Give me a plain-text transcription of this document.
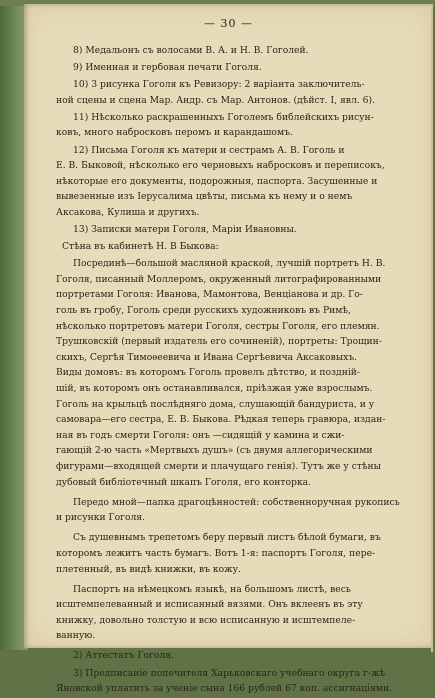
— 30 —

8) Медальонъ съ волосами В. А. и Н. В. Гоголей.

9) Именная и гербовая печати Гоголя.

10) 3 рисунка Гоголя къ Ревизору: 2 варіанта заключитель-
ной сцены и сцена Мар. Андр. съ Мар. Антонов. (дѣйст. I, явл. 6).

11) Нѣсколько раскрашенныхъ Гоголемъ библейскихъ рисун-
ковъ, много набросковъ перомъ и карандашомъ.

12) Письма Гоголя къ матери и сестрамъ А. В. Гоголь и
Е. В. Быковой, нѣсколько его черновыхъ набросковъ и переписокъ,
нѣкоторые его документы, подорожныя, паспорта. Засушенные и
вывезенные изъ Іерусалима цвѣты, письма къ нему и о немъ
Аксакова, Кулиша и другихъ.

13) Записки матери Гоголя, Маріи Ивановны.

Стѣна въ кабинетѣ Н. В Быкова:

Посрединѣ—большой масляной краской, лучшій портретъ Н. В.
Гоголя, писанный Моллеромъ, окруженный литографированными
портретами Гоголя: Иванова, Мамонтова, Венціанова и др. Го-
голь въ гробу, Гоголь среди русскихъ художниковъ въ Римѣ,
нѣсколько портретовъ матери Гоголя, сестры Гоголя, его племян.
Трушковскій (первый издатель его сочиненій), портреты: Трощин-
скихъ, Сергѣя Тимоѳеевича и Ивана Сергѣевича Аксаковыхъ.
Виды домовъ: въ которомъ Гоголь провелъ дѣтство, и поздній-
шій, въ которомъ онъ останавливался, пріѣзжая уже взрослымъ.
Гоголь на крыльцѣ послѣдняго дома, слушающій бандуриста, и у
самовара—его сестра, Е. В. Быкова. Рѣдкая теперь гравюра, издан-
ная въ годъ смерти Гоголя: онъ —сидящій у камина и сжи-
гающій 2-ю часть «Мертвыхъ душъ» (съ двумя аллегорическими
фигурами—входящей смерти и плачущаго генія). Тутъ же у стѣны
дубовый библіотечный шкапъ Гоголя, его конторка.

Передо мной—папка драгоцѣнностей: собственноручная рукопись
и рисунки Гоголя.

Съ душевнымъ трепетомъ беру первый листъ бѣлой бумаги, въ
которомъ лежитъ часть бумагъ. Вотъ 1-я: паспортъ Гоголя, пере-
плетенный, въ видѣ книжки, въ кожу.

Паспортъ на нѣмецкомъ языкѣ, на большомъ листѣ, весь
исштемпелеванный и исписанный вязями. Онъ вклеенъ въ эту
книжку, довольно толстую и всю исписанную и исштемпеле-
ванную.

2) Аттестатъ Гоголя.

3) Предписаніе попечителя Харьковскаго учебнаго округа г-жѣ
Яновской уплатить за ученіе сына 166 рублей 67 коп. ассигнаціями.
